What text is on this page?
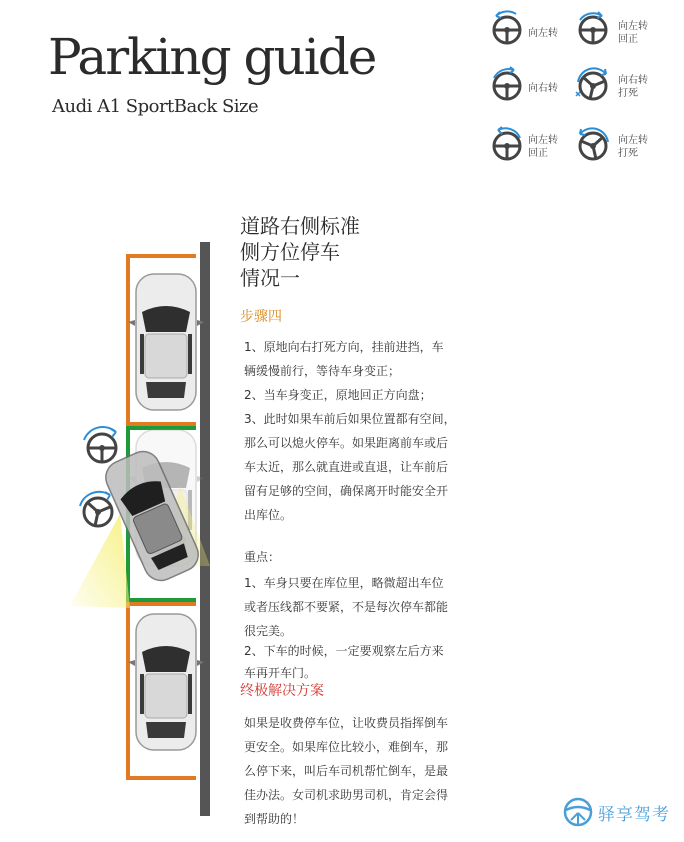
Parking guide
Audi A1 SportBack Size
向左转
向左转
回正
向右转
向右转
打死
向左转
回正
向左转
打死
道路右侧标准
侧方位停车
情况一
步骤四
1、原地向右打死方向，挂前进挡，车
辆缓慢前行，等待车身变正；
2、当车身变正，原地回正方向盘；
3、此时如果车前后如果位置都有空间，
那么可以熄火停车。如果距离前车或后
车太近，那么就直进或直退，让车前后
留有足够的空间，确保离开时能安全开
出库位。
重点：
1、车身只要在库位里，略微超出车位
或者压线都不要紧，不是每次停车都能
很完美。
2、下车的时候，一定要观察左后方来
车再开车门。
终极解决方案
如果是收费停车位，让收费员指挥倒车
更安全。如果库位比较小，难倒车，那
么停下来，叫后车司机帮忙倒车，是最
佳办法。女司机求助男司机，肯定会得
到帮助的！	驿享驾考
